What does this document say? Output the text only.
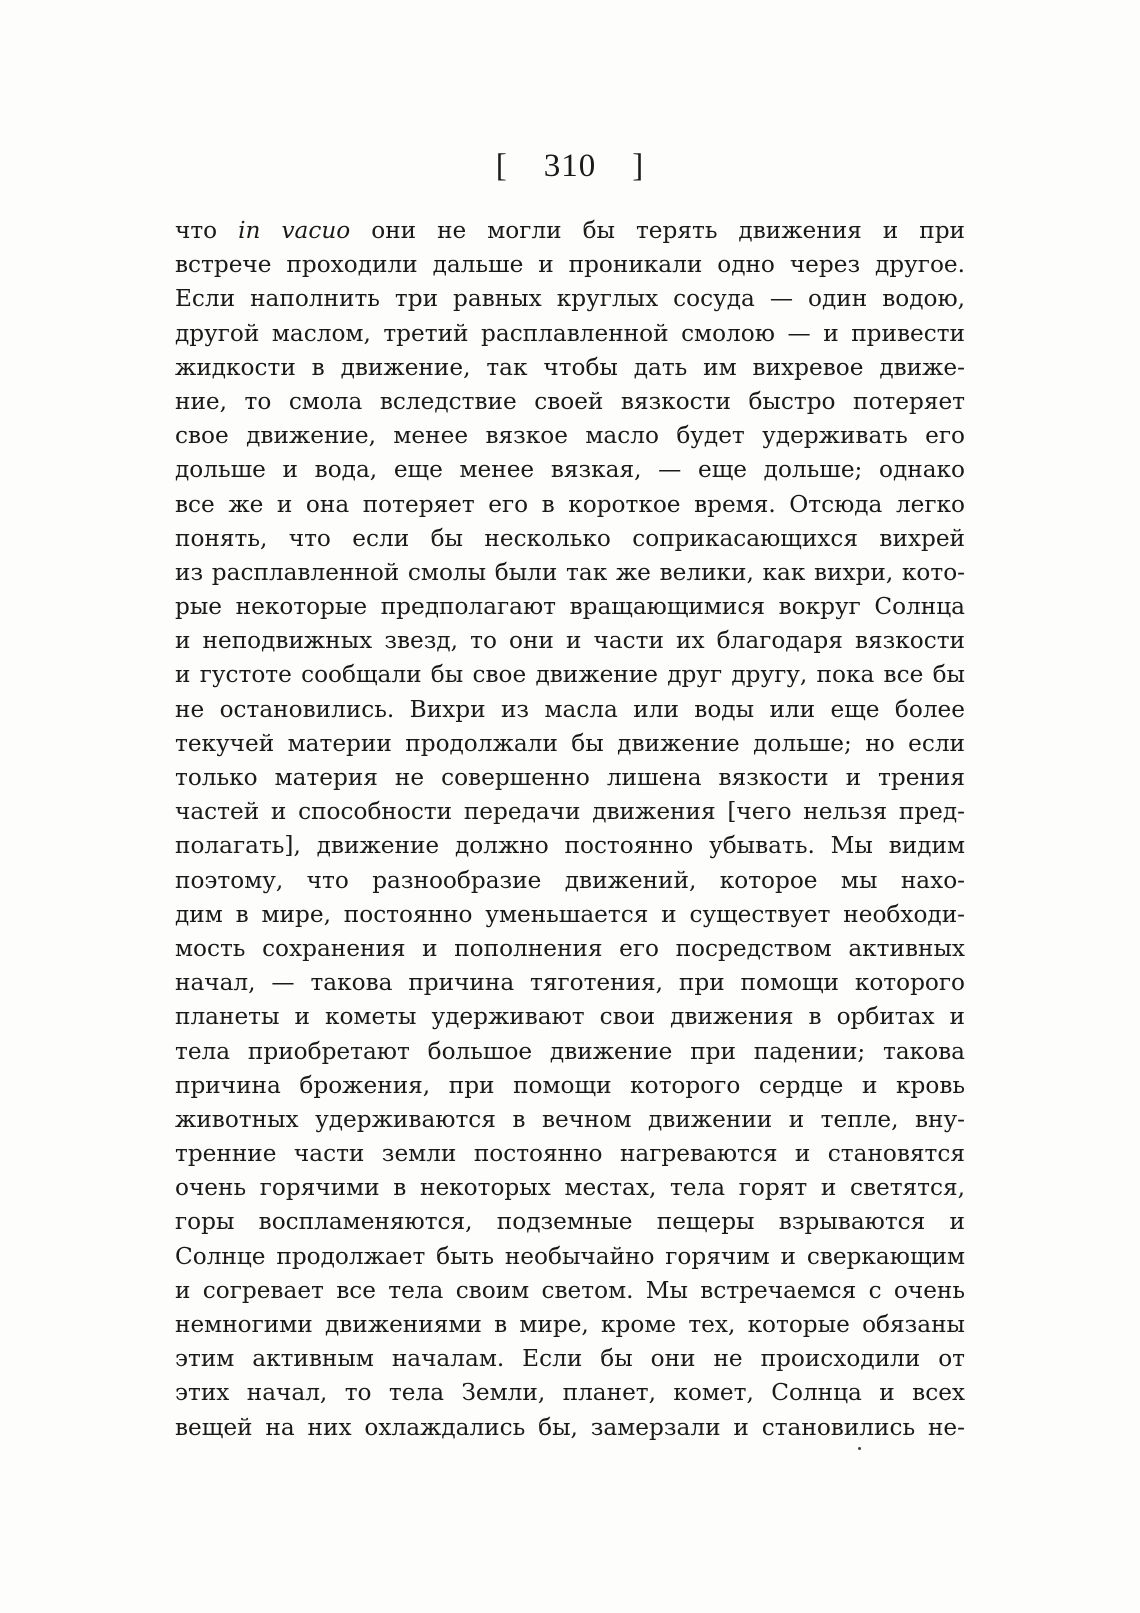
[ 310 ]
что in vacuo они не могли бы терять движения и при
встрече проходили дальше и проникали одно через другое.
Если наполнить три равных круглых сосуда — один водою,
другой маслом, третий расплавленной смолою — и привести
жидкости в движение, так чтобы дать им вихревое движе-
ние, то смола вследствие своей вязкости быстро потеряет
свое движение, менее вязкое масло будет удерживать его
дольше и вода, еще менее вязкая, — еще дольше; однако
все же и она потеряет его в короткое время. Отсюда легко
понять, что если бы несколько соприкасающихся вихрей
из расплавленной смолы были так же велики, как вихри, кото-
рые некоторые предполагают вращающимися вокруг Солнца
и неподвижных звезд, то они и части их благодаря вязкости
и густоте сообщали бы свое движение друг другу, пока все бы
не остановились. Вихри из масла или воды или еще более
текучей материи продолжали бы движение дольше; но если
только материя не совершенно лишена вязкости и трения
частей и способности передачи движения [чего нельзя пред-
полагать], движение должно постоянно убывать. Мы видим
поэтому, что разнообразие движений, которое мы нахо-
дим в мире, постоянно уменьшается и существует необходи-
мость сохранения и пополнения его посредством активных
начал, — такова причина тяготения, при помощи которого
планеты и кометы удерживают свои движения в орбитах и
тела приобретают большое движение при падении; такова
причина брожения, при помощи которого сердце и кровь
животных удерживаются в вечном движении и тепле, вну-
тренние части земли постоянно нагреваются и становятся
очень горячими в некоторых местах, тела горят и светятся,
горы воспламеняются, подземные пещеры взрываются и
Солнце продолжает быть необычайно горячим и сверкающим
и согревает все тела своим светом. Мы встречаемся с очень
немногими движениями в мире, кроме тех, которые обязаны
этим активным началам. Если бы они не происходили от
этих начал, то тела Земли, планет, комет, Солнца и всех
вещей на них охлаждались бы, замерзали и становились не-
